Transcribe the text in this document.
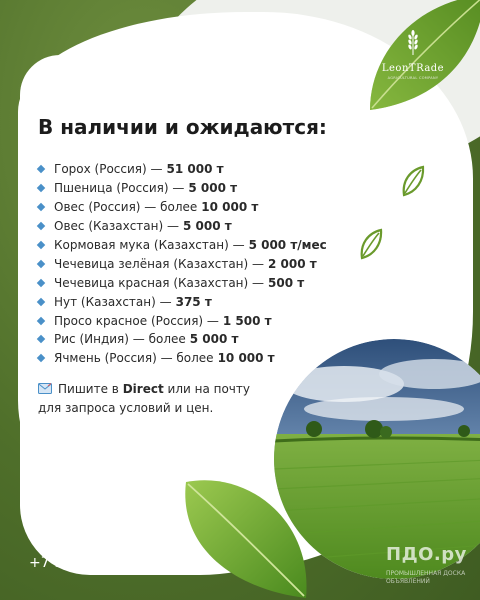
LeonTRade
AGRICULTURAL COMPANY
В наличии и ожидаются:
Горох (Россия) — 51 000 т
Пшеница (Россия) — 5 000 т
Овес (Россия) — более 10 000 т
Овес (Казахстан) — 5 000 т
Кормовая мука (Казахстан) — 5 000 т/мес
Чечевица зелёная (Казахстан) — 2 000 т
Чечевица красная (Казахстан) — 500 т
Нут (Казахстан) — 375 т
Просо красное (Россия) — 1 500 т
Рис (Индия) — более 5 000 т
Ячмень (Россия) — более 10 000 т
Пишите в Direct или на почту
для запроса условий и цен.
+7 983 625-58-85	ПДО.ру
ПРОМЫШЛЕННАЯ ДОСКА ОБЪЯВЛЕНИЙ
